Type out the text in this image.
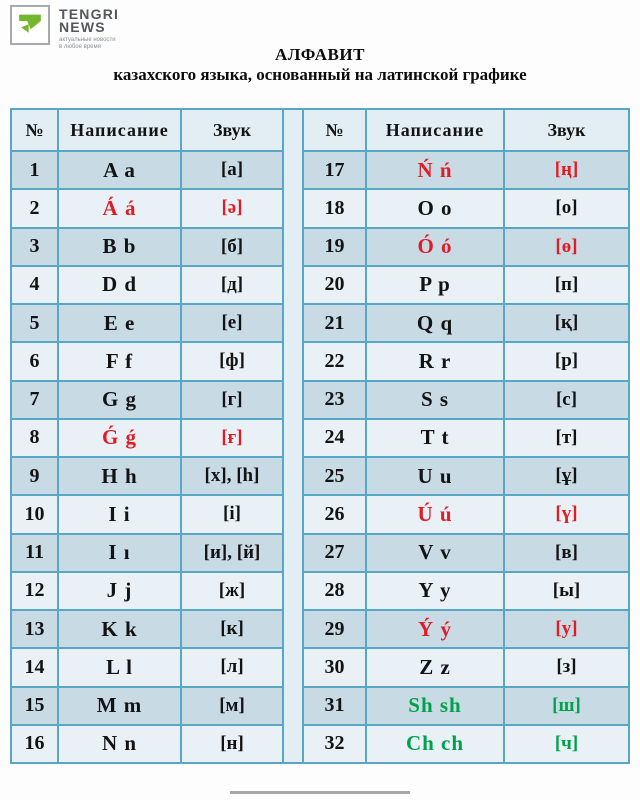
TENGRI
NEWS
актуальные новости
в любое время	АЛФАВИТ
казахского языка, основанный на латинской графике
№	Написание	Звук
1	A a	[а]
2	Á á	[ә]
3	B b	[б]
4	D d	[д]
5	E e	[е]
6	F f	[ф]
7	G g	[г]
8	Ǵ ǵ	[ғ]
9	H h	[х], [h]
10	I i	[і]
11	I ı	[и], [й]
12	J j	[ж]
13	K k	[к]
14	L l	[л]
15	M m	[м]
16	N n	[н]
№	Написание	Звук
17	Ń ń	[ң]
18	O o	[о]
19	Ó ó	[ө]
20	P p	[п]
21	Q q	[қ]
22	R r	[р]
23	S s	[с]
24	T t	[т]
25	U u	[ұ]
26	Ú ú	[ү]
27	V v	[в]
28	Y y	[ы]
29	Ý ý	[у]
30	Z z	[з]
31	Sh sh	[ш]
32	Ch ch	[ч]
